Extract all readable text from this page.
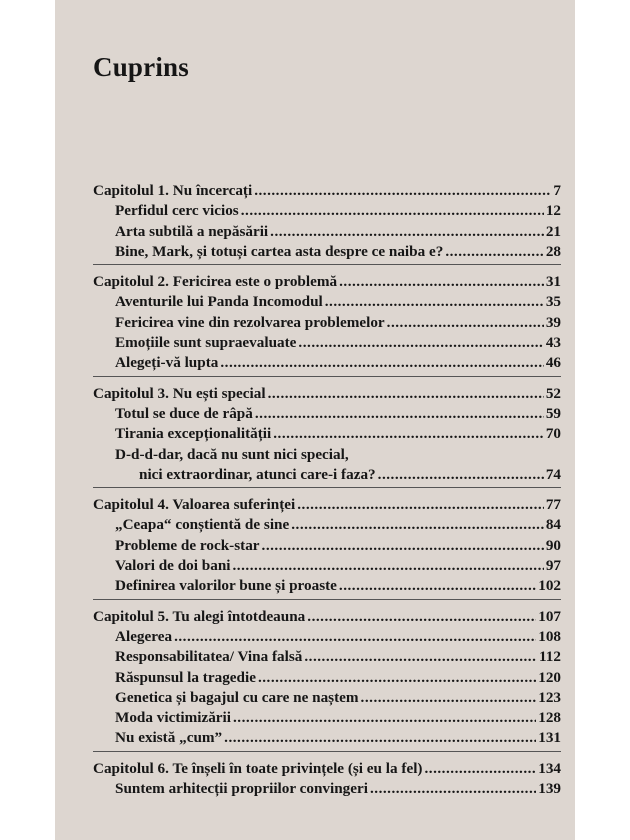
Cuprins
Capitolul 1. Nu încercați .....	7
Perfidul cerc vicios .....	12
Arta subtilă a nepăsării .....	21
Bine, Mark, și totuși cartea asta despre ce naiba e? .....	28
Capitolul 2. Fericirea este o problemă .....	31
Aventurile lui Panda Incomodul .....	35
Fericirea vine din rezolvarea problemelor .....	39
Emoțiile sunt supraevaluate .....	43
Alegeți-vă lupta .....	46
Capitolul 3. Nu ești special .....	52
Totul se duce de râpă .....	59
Tirania excepționalității .....	70
D-d-d-dar, dacă nu sunt nici special,
nici extraordinar, atunci care-i faza? .....	74
Capitolul 4. Valoarea suferinței .....	77
„Ceapa“ conștientă de sine .....	84
Probleme de rock-star .....	90
Valori de doi bani .....	97
Definirea valorilor bune și proaste .....	102
Capitolul 5. Tu alegi întotdeauna .....	107
Alegerea .....	108
Responsabilitatea/ Vina falsă .....	112
Răspunsul la tragedie .....	120
Genetica și bagajul cu care ne naștem .....	123
Moda victimizării .....	128
Nu există „cum” .....	131
Capitolul 6. Te înșeli în toate privințele (și eu la fel) .....	134
Suntem arhitecții propriilor convingeri .....	139
